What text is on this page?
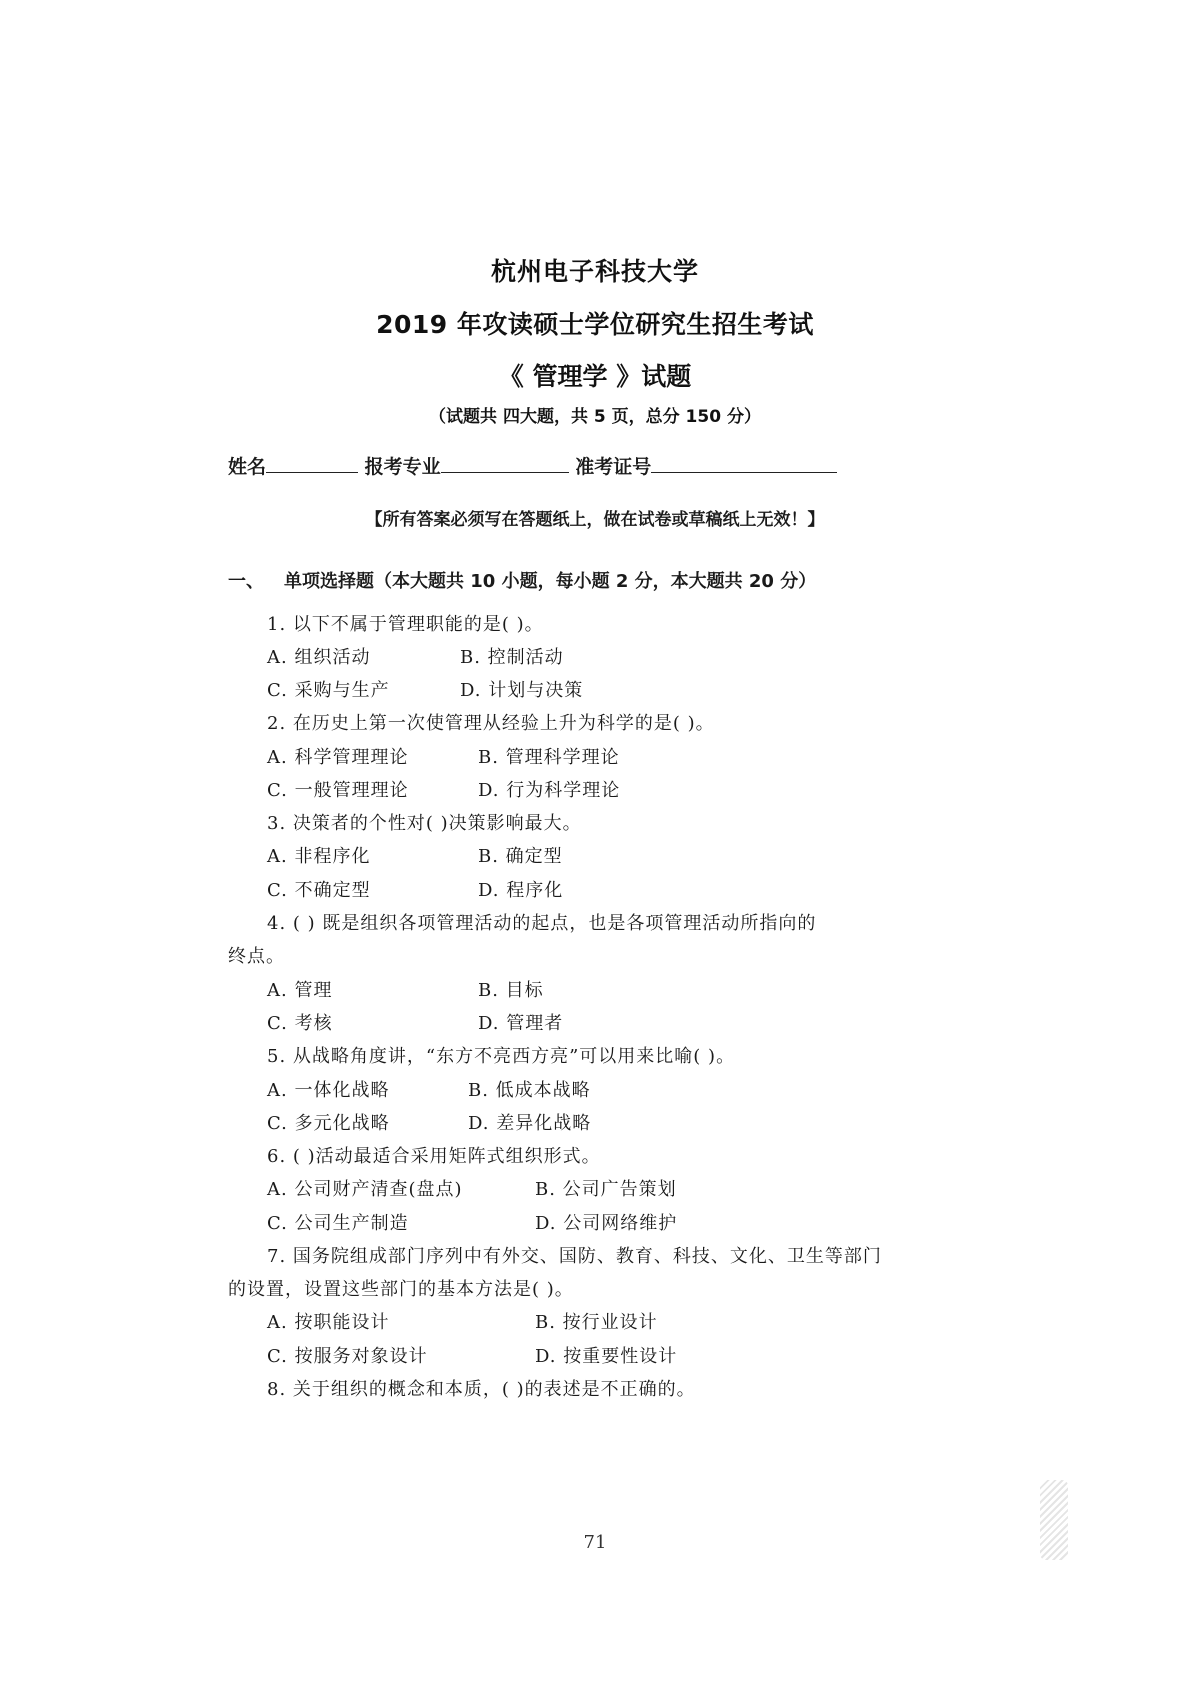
杭州电子科技大学
2019 年攻读硕士学位研究生招生考试
《 管理学 》试题
（试题共 四大题，共 5 页，总分 150 分）
姓名	报考专业	准考证号
【所有答案必须写在答题纸上，做在试卷或草稿纸上无效！】
一、 单项选择题（本大题共 10 小题，每小题 2 分，本大题共 20 分）
1. 以下不属于管理职能的是( )。
A. 组织活动	B. 控制活动
C. 采购与生产	D. 计划与决策
2. 在历史上第一次使管理从经验上升为科学的是( )。
A. 科学管理理论	B. 管理科学理论
C. 一般管理理论	D. 行为科学理论
3. 决策者的个性对( )决策影响最大。
A. 非程序化	B. 确定型
C. 不确定型	D. 程序化
4. ( ) 既是组织各项管理活动的起点，也是各项管理活动所指向的
终点。
A. 管理	B. 目标
C. 考核	D. 管理者
5. 从战略角度讲，“东方不亮西方亮”可以用来比喻( )。
A. 一体化战略	B. 低成本战略
C. 多元化战略	D. 差异化战略
6. ( )活动最适合采用矩阵式组织形式。
A. 公司财产清查(盘点)	B. 公司广告策划
C. 公司生产制造	D. 公司网络维护
7. 国务院组成部门序列中有外交、国防、教育、科技、文化、卫生等部门
的设置，设置这些部门的基本方法是( )。
A. 按职能设计	B. 按行业设计
C. 按服务对象设计	D. 按重要性设计
8. 关于组织的概念和本质，( )的表述是不正确的。
71
